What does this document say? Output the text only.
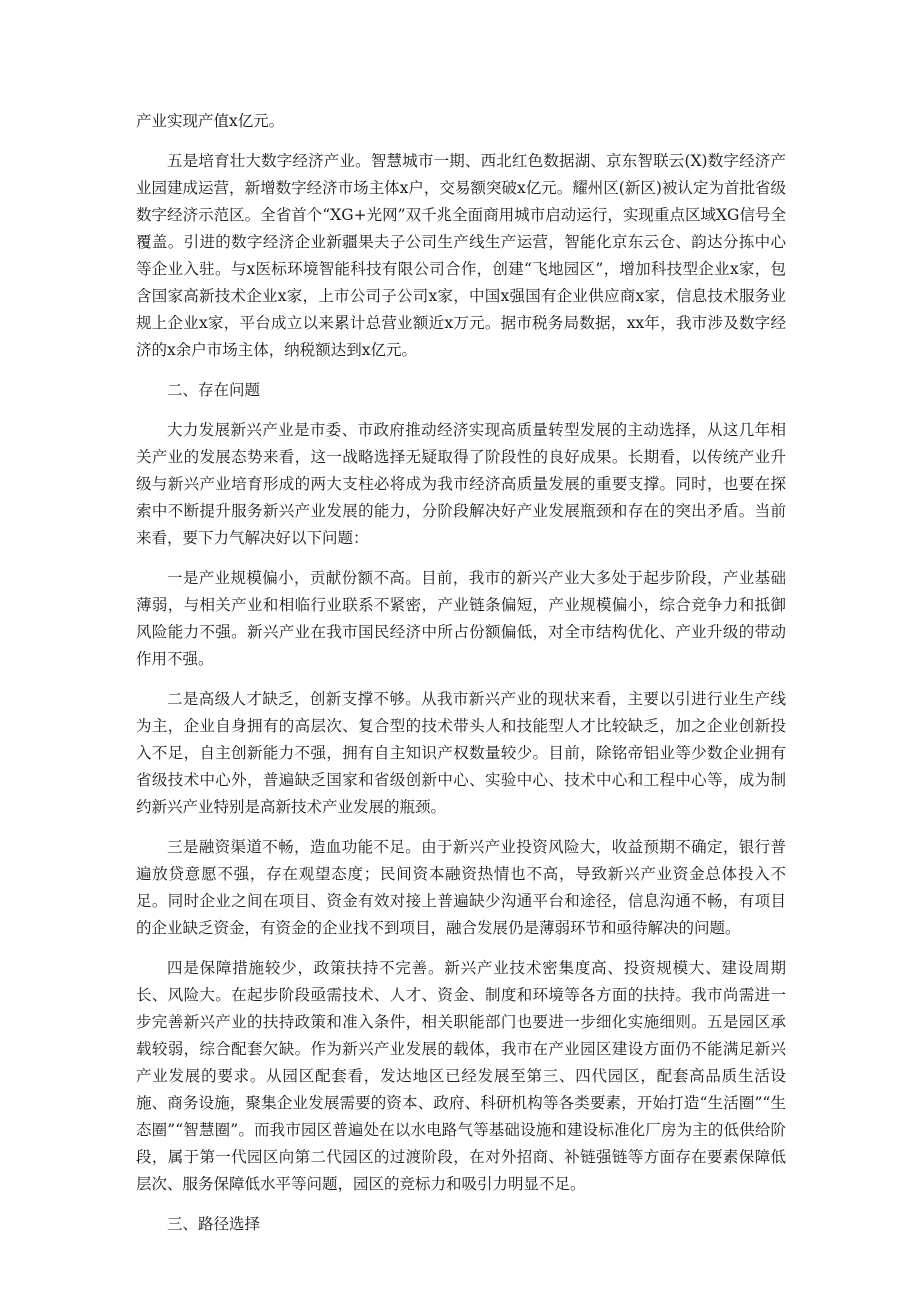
产业实现产值x亿元。

五是培育壮大数字经济产业。智慧城市一期、西北红色数据湖、京东智联云(X)数字经济产业园建成运营，新增数字经济市场主体x户，交易额突破x亿元。耀州区(新区)被认定为首批省级数字经济示范区。全省首个“XG+光网”双千兆全面商用城市启动运行，实现重点区域XG信号全覆盖。引进的数字经济企业新疆果夫子公司生产线生产运营，智能化京东云仓、韵达分拣中心等企业入驻。与x医标环境智能科技有限公司合作，创建“飞地园区”，增加科技型企业x家，包含国家高新技术企业x家，上市公司子公司x家，中国x强国有企业供应商x家，信息技术服务业规上企业x家，平台成立以来累计总营业额近x万元。据市税务局数据，xx年，我市涉及数字经济的x余户市场主体，纳税额达到x亿元。

二、存在问题

大力发展新兴产业是市委、市政府推动经济实现高质量转型发展的主动选择，从这几年相关产业的发展态势来看，这一战略选择无疑取得了阶段性的良好成果。长期看，以传统产业升级与新兴产业培育形成的两大支柱必将成为我市经济高质量发展的重要支撑。同时，也要在探索中不断提升服务新兴产业发展的能力，分阶段解决好产业发展瓶颈和存在的突出矛盾。当前来看，要下力气解决好以下问题：

一是产业规模偏小，贡献份额不高。目前，我市的新兴产业大多处于起步阶段，产业基础薄弱，与相关产业和相临行业联系不紧密，产业链条偏短，产业规模偏小，综合竞争力和抵御风险能力不强。新兴产业在我市国民经济中所占份额偏低，对全市结构优化、产业升级的带动作用不强。

二是高级人才缺乏，创新支撑不够。从我市新兴产业的现状来看，主要以引进行业生产线为主，企业自身拥有的高层次、复合型的技术带头人和技能型人才比较缺乏，加之企业创新投入不足，自主创新能力不强，拥有自主知识产权数量较少。目前，除铭帝铝业等少数企业拥有省级技术中心外，普遍缺乏国家和省级创新中心、实验中心、技术中心和工程中心等，成为制约新兴产业特别是高新技术产业发展的瓶颈。

三是融资渠道不畅，造血功能不足。由于新兴产业投资风险大，收益预期不确定，银行普遍放贷意愿不强，存在观望态度；民间资本融资热情也不高，导致新兴产业资金总体投入不足。同时企业之间在项目、资金有效对接上普遍缺少沟通平台和途径，信息沟通不畅，有项目的企业缺乏资金，有资金的企业找不到项目，融合发展仍是薄弱环节和亟待解决的问题。

四是保障措施较少，政策扶持不完善。新兴产业技术密集度高、投资规模大、建设周期长、风险大。在起步阶段亟需技术、人才、资金、制度和环境等各方面的扶持。我市尚需进一步完善新兴产业的扶持政策和准入条件，相关职能部门也要进一步细化实施细则。五是园区承载较弱，综合配套欠缺。作为新兴产业发展的载体，我市在产业园区建设方面仍不能满足新兴产业发展的要求。从园区配套看，发达地区已经发展至第三、四代园区，配套高品质生活设施、商务设施，聚集企业发展需要的资本、政府、科研机构等各类要素，开始打造“生活圈”“生态圈”“智慧圈”。而我市园区普遍处在以水电路气等基础设施和建设标准化厂房为主的低供给阶段，属于第一代园区向第二代园区的过渡阶段，在对外招商、补链强链等方面存在要素保障低层次、服务保障低水平等问题，园区的竞标力和吸引力明显不足。

三、路径选择
